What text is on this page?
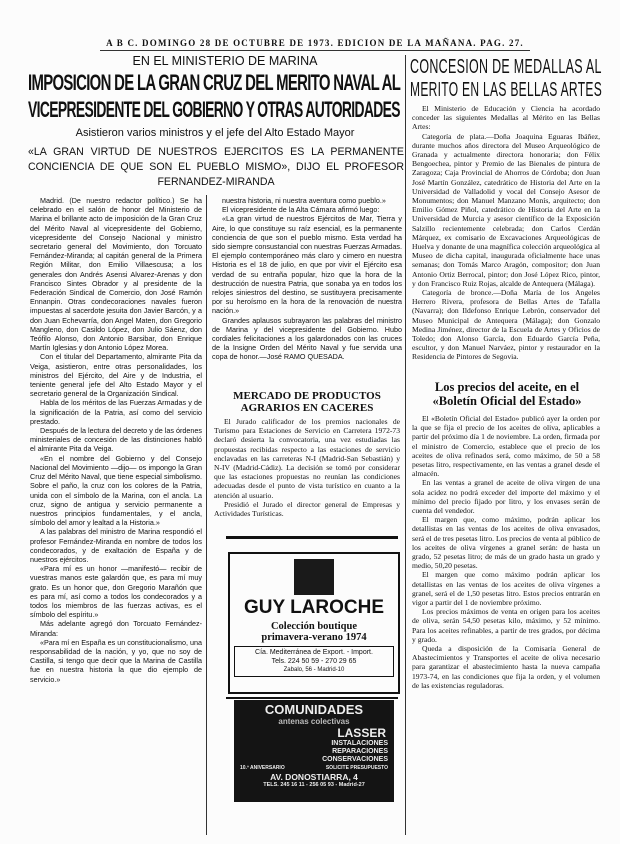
A B C. DOMINGO 28 DE OCTUBRE DE 1973. EDICION DE LA MAÑANA. PAG. 27.
EN EL MINISTERIO DE MARINA
IMPOSICION DE LA GRAN CRUZ DEL MERITO NAVAL AL
VICEPRESIDENTE DEL GOBIERNO Y OTRAS AUTORIDADES
Asistieron varios ministros y el jefe del Alto Estado Mayor
«LA GRAN VIRTUD DE NUESTROS EJERCITOS ES LA PERMANENTE CONCIENCIA DE QUE SON EL PUEBLO MISMO», DIJO EL PROFESOR FERNANDEZ-MIRANDA

Madrid. (De nuestro redactor político.) Se ha celebrado en el salón de honor del Ministerio de Marina el brillante acto de imposición de la Gran Cruz del Mérito Naval al vicepresidente del Gobierno, vicepresidente del Consejo Nacional y ministro secretario general del Movimiento, don Torcuato Fernández-Miranda; al capitán general de la Primera Región Militar, don Emilio Villaescusa; a los generales don Andrés Asensi Alvarez-Arenas y don Francisco Sintes Obrador y al presidente de la Federación Sindical de Comercio, don José Ramón Ennanpin. Otras condecoraciones navales fueron impuestas al sacerdote jesuita don Javier Barcón, y a don Juan Echevarría, don Angel Maten, don Gregorio Mangleno, don Casildo López, don Julio Sáenz, don Teófilo Alonso, don Antonio Barsibar, don Enrique Martín Iglesias y don Antonio López Morea.

Con el titular del Departamento, almirante Pita da Veiga, asistieron, entre otras personalidades, los ministros del Ejército, del Aire y de Industria, el teniente general jefe del Alto Estado Mayor y el secretario general de la Organización Sindical.

Habla de los méritos de las Fuerzas Armadas y de la significación de la Patria, así como del servicio prestado.

Después de la lectura del decreto y de las órdenes ministeriales de concesión de las distinciones habló el almirante Pita da Veiga.

«En el nombre del Gobierno y del Consejo Nacional del Movimiento —dijo— os impongo la Gran Cruz del Mérito Naval, que tiene especial simbolismo. Sobre el paño, la cruz con los colores de la Patria, unida con el símbolo de la Marina, con el ancla. La cruz, signo de antigua y servicio permanente a nuestros principios fundamentales, y el ancla, símbolo del amor y lealtad a la Historia.»

A las palabras del ministro de Marina respondió el profesor Fernández-Miranda en nombre de todos los condecorados, y de exaltación de España y de nuestros ejércitos.

«Para mí es un honor —manifestó— recibir de vuestras manos este galardón que, es para mí muy grato. Es un honor que, don Gregorio Marañón que es para mí, así como a todos los condecorados y a todos los miembros de las fuerzas activas, es el símbolo del espíritu.»

Más adelante agregó don Torcuato Fernández-Miranda:

«Para mí en España es un constitucionalismo, una responsabilidad de la nación, y yo, que no soy de Castilla, si tengo que decir que la Marina de Castilla fue en nuestra historia la que dio ejemplo de servicio.»

nuestra historia, ni nuestra aventura como pueblo.»

El vicepresidente de la Alta Cámara afirmó luego:

«La gran virtud de nuestros Ejércitos de Mar, Tierra y Aire, lo que constituye su raíz esencial, es la permanente conciencia de que son el pueblo mismo. Esta verdad ha sido siempre consustancial con nuestras Fuerzas Armadas. El ejemplo contemporáneo más claro y cimero en nuestra Historia es el 18 de julio, en que por vivir el Ejército esa verdad de su entraña popular, hizo que la hora de la destrucción de nuestra Patria, que sonaba ya en todos los relojes siniestros del destino, se sustituyera precisamente por su heroísmo en la hora de la renovación de nuestra nación.»

Grandes aplausos subrayaron las palabras del ministro de Marina y del vicepresidente del Gobierno. Hubo cordiales felicitaciones a los galardonados con las cruces de la Insigne Orden del Mérito Naval y fue servida una copa de honor.—José RAMO QUESADA.

MERCADO DE PRODUCTOS AGRARIOS EN CACERES

El Jurado calificador de los premios nacionales de Turismo para Estaciones de Servicio en Carretera 1972-73 declaró desierta la convocatoria, una vez estudiadas las propuestas recibidas respecto a las estaciones de servicio enclavadas en las carreteras N-I (Madrid-San Sebastián) y N-IV (Madrid-Cádiz). La decisión se tomó por considerar que las estaciones propuestas no reunían las condiciones adecuadas desde el punto de vista turístico en cuanto a la atención al usuario.

Presidió el Jurado el director general de Empresas y Actividades Turísticas.

GUY LAROCHE
Colección boutique
primavera-verano 1974
Cía. Mediterránea de Export. - Import.
Tels. 224 50 59 - 270 29 65
Zabalo, 56 - Madrid-10
COMUNIDADES
antenas colectivas
LASSER
INSTALACIONES
REPARACIONES
CONSERVACIONES
10.º ANIVERSARIO	SOLICITE PRESUPUESTO
AV. DONOSTIARRA, 4
TELS. 245 16 11 - 256 05 93 - Madrid-27
CONCESION DE MEDALLAS AL
MERITO EN LAS BELLAS ARTES

El Ministerio de Educación y Ciencia ha acordado conceder las siguientes Medallas al Mérito en las Bellas Artes:

Categoría de plata.—Doña Joaquina Eguaras Ibáñez, durante muchos años directora del Museo Arqueológico de Granada y actualmente directora honoraria; don Félix Bengoechea, pintor y Premio de las Bienales de pintura de Zaragoza; Caja Provincial de Ahorros de Córdoba; don Juan José Martín González, catedrático de Historia del Arte en la Universidad de Valladolid y vocal del Consejo Asesor de Monumentos; don Manuel Manzano Monís, arquitecto; don Emilio Gómez Piñol, catedrático de Historia del Arte en la Universidad de Murcia y asesor científico de la Exposición Salzillo recientemente celebrada; don Carlos Cerdán Márquez, ex comisario de Excavaciones Arqueológicas de Huelva y donante de una magnífica colección arqueológica al Museo de dicha capital, inaugurada oficialmente hace unas semanas; don Tomás Marco Aragón, compositor; don Juan Antonio Ortiz Berrocal, pintor; don José López Rico, pintor, y don Francisco Ruiz Rojas, alcalde de Antequera (Málaga).

Categoría de bronce.—Doña María de los Angeles Herrero Rivera, profesora de Bellas Artes de Tafalla (Navarra); don Ildefonso Enrique Lebrón, conservador del Museo Municipal de Antequera (Málaga); don Gonzalo Medina Jiménez, director de la Escuela de Artes y Oficios de Toledo; don Alonso García, don Eduardo García Peña, escultor, y don Manuel Narváez, pintor y restaurador en la Residencia de Pintores de Segovia.

Los precios del aceite, en el «Boletín Oficial del Estado»

El «Boletín Oficial del Estado» publicó ayer la orden por la que se fija el precio de los aceites de oliva, aplicables a partir del próximo día 1 de noviembre. La orden, firmada por el ministro de Comercio, establece que el precio de los aceites de oliva refinados será, como máximo, de 50 a 58 pesetas litro, respectivamente, en las ventas a granel desde el almacén.

En las ventas a granel de aceite de oliva virgen de una sola acidez no podrá exceder del importe del máximo y el mínimo del precio fijado por litro, y los envases serán de cuenta del vendedor.

El margen que, como máximo, podrán aplicar los detallistas en las ventas de los aceites de oliva envasados, será el de tres pesetas litro. Los precios de venta al público de los aceites de oliva vírgenes a granel serán: de hasta un grado, 52 pesetas litro; de más de un grado hasta un grado y medio, 50,20 pesetas.

El margen que como máximo podrán aplicar los detallistas en las ventas de los aceites de oliva vírgenes a granel, será el de 1,50 pesetas litro. Estos precios entrarán en vigor a partir del 1 de noviembre próximo.

Los precios máximos de venta en origen para los aceites de oliva, serán 54,50 pesetas kilo, máximo, y 52 mínimo. Para los aceites refinables, a partir de tres grados, por décima y grado.

Queda a disposición de la Comisaría General de Abastecimientos y Transportes el aceite de oliva necesario para garantizar el abastecimiento hasta la nueva campaña 1973-74, en las condiciones que fija la orden, y el volumen de las existencias reguladoras.
